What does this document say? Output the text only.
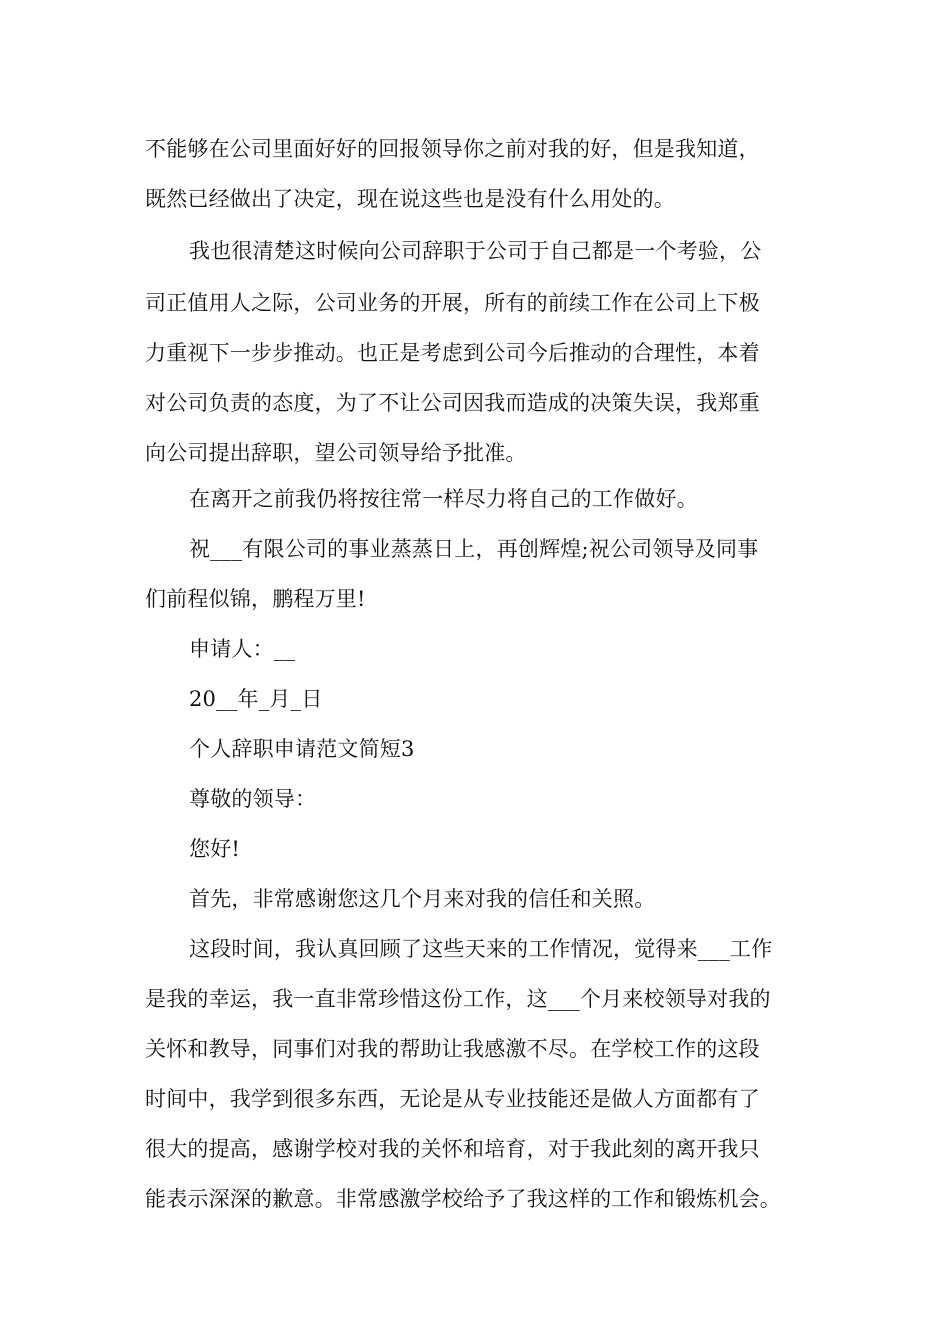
不能够在公司里面好好的回报领导你之前对我的好，但是我知道，
既然已经做出了决定，现在说这些也是没有什么用处的。
我也很清楚这时候向公司辞职于公司于自己都是一个考验，公
司正值用人之际，公司业务的开展，所有的前续工作在公司上下极
力重视下一步步推动。也正是考虑到公司今后推动的合理性，本着
对公司负责的态度，为了不让公司因我而造成的决策失误，我郑重
向公司提出辞职，望公司领导给予批准。
在离开之前我仍将按往常一样尽力将自己的工作做好。
祝___有限公司的事业蒸蒸日上，再创辉煌;祝公司领导及同事
们前程似锦，鹏程万里!
申请人：__
20__年_月_日
个人辞职申请范文简短3
尊敬的领导：
您好!
首先，非常感谢您这几个月来对我的信任和关照。
这段时间，我认真回顾了这些天来的工作情况，觉得来___工作
是我的幸运，我一直非常珍惜这份工作，这___个月来校领导对我的
关怀和教导，同事们对我的帮助让我感激不尽。在学校工作的这段
时间中，我学到很多东西，无论是从专业技能还是做人方面都有了
很大的提高，感谢学校对我的关怀和培育，对于我此刻的离开我只
能表示深深的歉意。非常感激学校给予了我这样的工作和锻炼机会。
